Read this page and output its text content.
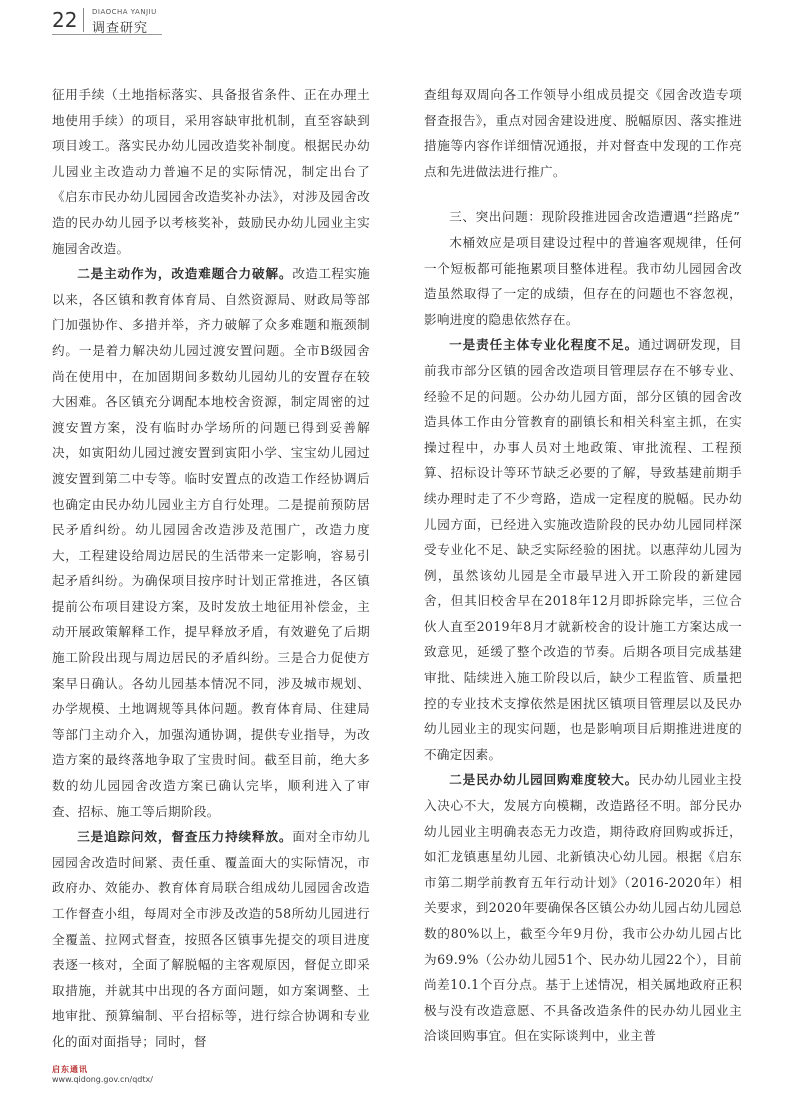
22	DIAOCHA YANJIU
调查研究

征用手续（土地指标落实、具备报省条件、正在办理土地使用手续）的项目，采用容缺审批机制，直至容缺到项目竣工。落实民办幼儿园改造奖补制度。根据民办幼儿园业主改造动力普遍不足的实际情况，制定出台了《启东市民办幼儿园园舍改造奖补办法》，对涉及园舍改造的民办幼儿园予以考核奖补，鼓励民办幼儿园业主实施园舍改造。

二是主动作为，改造难题合力破解。改造工程实施以来，各区镇和教育体育局、自然资源局、财政局等部门加强协作、多措并举，齐力破解了众多难题和瓶颈制约。一是着力解决幼儿园过渡安置问题。全市B级园舍尚在使用中，在加固期间多数幼儿园幼儿的安置存在较大困难。各区镇充分调配本地校舍资源，制定周密的过渡安置方案，没有临时办学场所的问题已得到妥善解决，如寅阳幼儿园过渡安置到寅阳小学、宝宝幼儿园过渡安置到第二中专等。临时安置点的改造工作经协调后也确定由民办幼儿园业主方自行处理。二是提前预防居民矛盾纠纷。幼儿园园舍改造涉及范围广，改造力度大，工程建设给周边居民的生活带来一定影响，容易引起矛盾纠纷。为确保项目按序时计划正常推进，各区镇提前公布项目建设方案，及时发放土地征用补偿金，主动开展政策解释工作，提早释放矛盾，有效避免了后期施工阶段出现与周边居民的矛盾纠纷。三是合力促使方案早日确认。各幼儿园基本情况不同，涉及城市规划、办学规模、土地调规等具体问题。教育体育局、住建局等部门主动介入，加强沟通协调，提供专业指导，为改造方案的最终落地争取了宝贵时间。截至目前，绝大多数的幼儿园园舍改造方案已确认完毕，顺利进入了审查、招标、施工等后期阶段。

三是追踪问效，督查压力持续释放。面对全市幼儿园园舍改造时间紧、责任重、覆盖面大的实际情况，市政府办、效能办、教育体育局联合组成幼儿园园舍改造工作督查小组，每周对全市涉及改造的58所幼儿园进行全覆盖、拉网式督查，按照各区镇事先提交的项目进度表逐一核对，全面了解脱幅的主客观原因，督促立即采取措施，并就其中出现的各方面问题，如方案调整、土地审批、预算编制、平台招标等，进行综合协调和专业化的面对面指导；同时，督

查组每双周向各工作领导小组成员提交《园舍改造专项督查报告》，重点对园舍建设进度、脱幅原因、落实推进措施等内容作详细情况通报，并对督查中发现的工作亮点和先进做法进行推广。

三、突出问题：现阶段推进园舍改造遭遇“拦路虎”

木桶效应是项目建设过程中的普遍客观规律，任何一个短板都可能拖累项目整体进程。我市幼儿园园舍改造虽然取得了一定的成绩，但存在的问题也不容忽视，影响进度的隐患依然存在。

一是责任主体专业化程度不足。通过调研发现，目前我市部分区镇的园舍改造项目管理层存在不够专业、经验不足的问题。公办幼儿园方面，部分区镇的园舍改造具体工作由分管教育的副镇长和相关科室主抓，在实操过程中，办事人员对土地政策、审批流程、工程预算、招标设计等环节缺乏必要的了解，导致基建前期手续办理时走了不少弯路，造成一定程度的脱幅。民办幼儿园方面，已经进入实施改造阶段的民办幼儿园同样深受专业化不足、缺乏实际经验的困扰。以惠萍幼儿园为例，虽然该幼儿园是全市最早进入开工阶段的新建园舍，但其旧校舍早在2018年12月即拆除完毕，三位合伙人直至2019年8月才就新校舍的设计施工方案达成一致意见，延缓了整个改造的节奏。后期各项目完成基建审批、陆续进入施工阶段以后，缺少工程监管、质量把控的专业技术支撑依然是困扰区镇项目管理层以及民办幼儿园业主的现实问题，也是影响项目后期推进进度的不确定因素。

二是民办幼儿园回购难度较大。民办幼儿园业主投入决心不大，发展方向模糊，改造路径不明。部分民办幼儿园业主明确表态无力改造，期待政府回购或拆迁，如汇龙镇惠星幼儿园、北新镇决心幼儿园。根据《启东市第二期学前教育五年行动计划》（2016-2020年）相关要求，到2020年要确保各区镇公办幼儿园占幼儿园总数的80%以上，截至今年9月份，我市公办幼儿园占比为69.9%（公办幼儿园51个、民办幼儿园22个），目前尚差10.1个百分点。基于上述情况，相关属地政府正积极与没有改造意愿、不具备改造条件的民办幼儿园业主洽谈回购事宜。但在实际谈判中，业主普

启东通讯
www.qidong.gov.cn/qdtx/
